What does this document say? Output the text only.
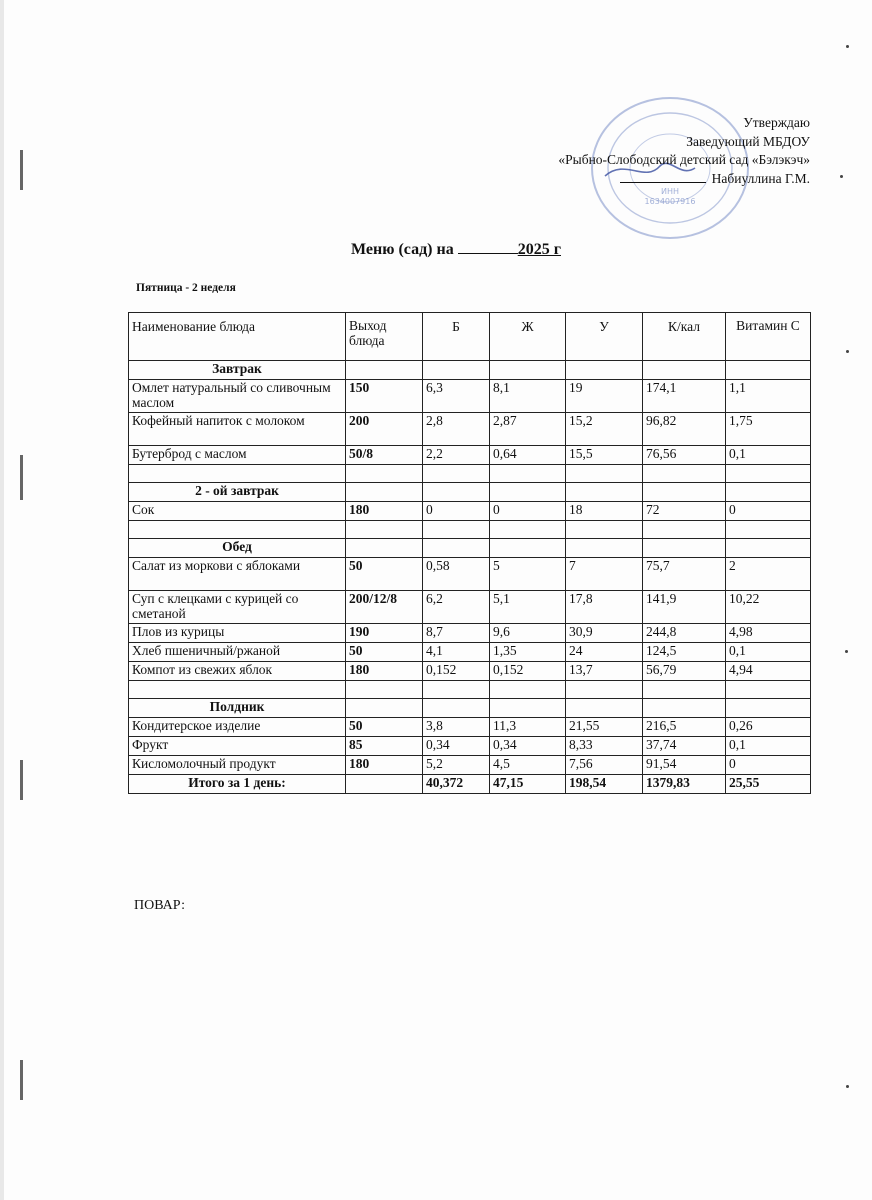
ИНН
1634007916
Утверждаю
Заведующий МБДОУ
«Рыбно-Слободский детский сад «Бэлэкэч»
Набиуллина Г.М.
Меню (сад) на	2025 г
Пятница - 2 неделя
Наименование блюда	Выход блюда	Б	Ж	У	К/кал	Витамин С
Завтрак						
Омлет натуральный со сливочным маслом	150	6,3	8,1	19	174,1	1,1
Кофейный напиток с молоком	200	2,8	2,87	15,2	96,82	1,75
Бутерброд с маслом	50/8	2,2	0,64	15,5	76,56	0,1

2 - ой завтрак						
Сок	180	0	0	18	72	0

Обед						
Салат из моркови с яблоками	50	0,58	5	7	75,7	2
Суп с клецками с курицей со сметаной	200/12/8	6,2	5,1	17,8	141,9	10,22
Плов из курицы	190	8,7	9,6	30,9	244,8	4,98
Хлеб пшеничный/ржаной	50	4,1	1,35	24	124,5	0,1
Компот из свежих яблок	180	0,152	0,152	13,7	56,79	4,94

Полдник						
Кондитерское изделие	50	3,8	11,3	21,55	216,5	0,26
Фрукт	85	0,34	0,34	8,33	37,74	0,1
Кисломолочный продукт	180	5,2	4,5	7,56	91,54	0
Итого за 1 день:		40,372	47,15	198,54	1379,83	25,55
ПОВАР:
